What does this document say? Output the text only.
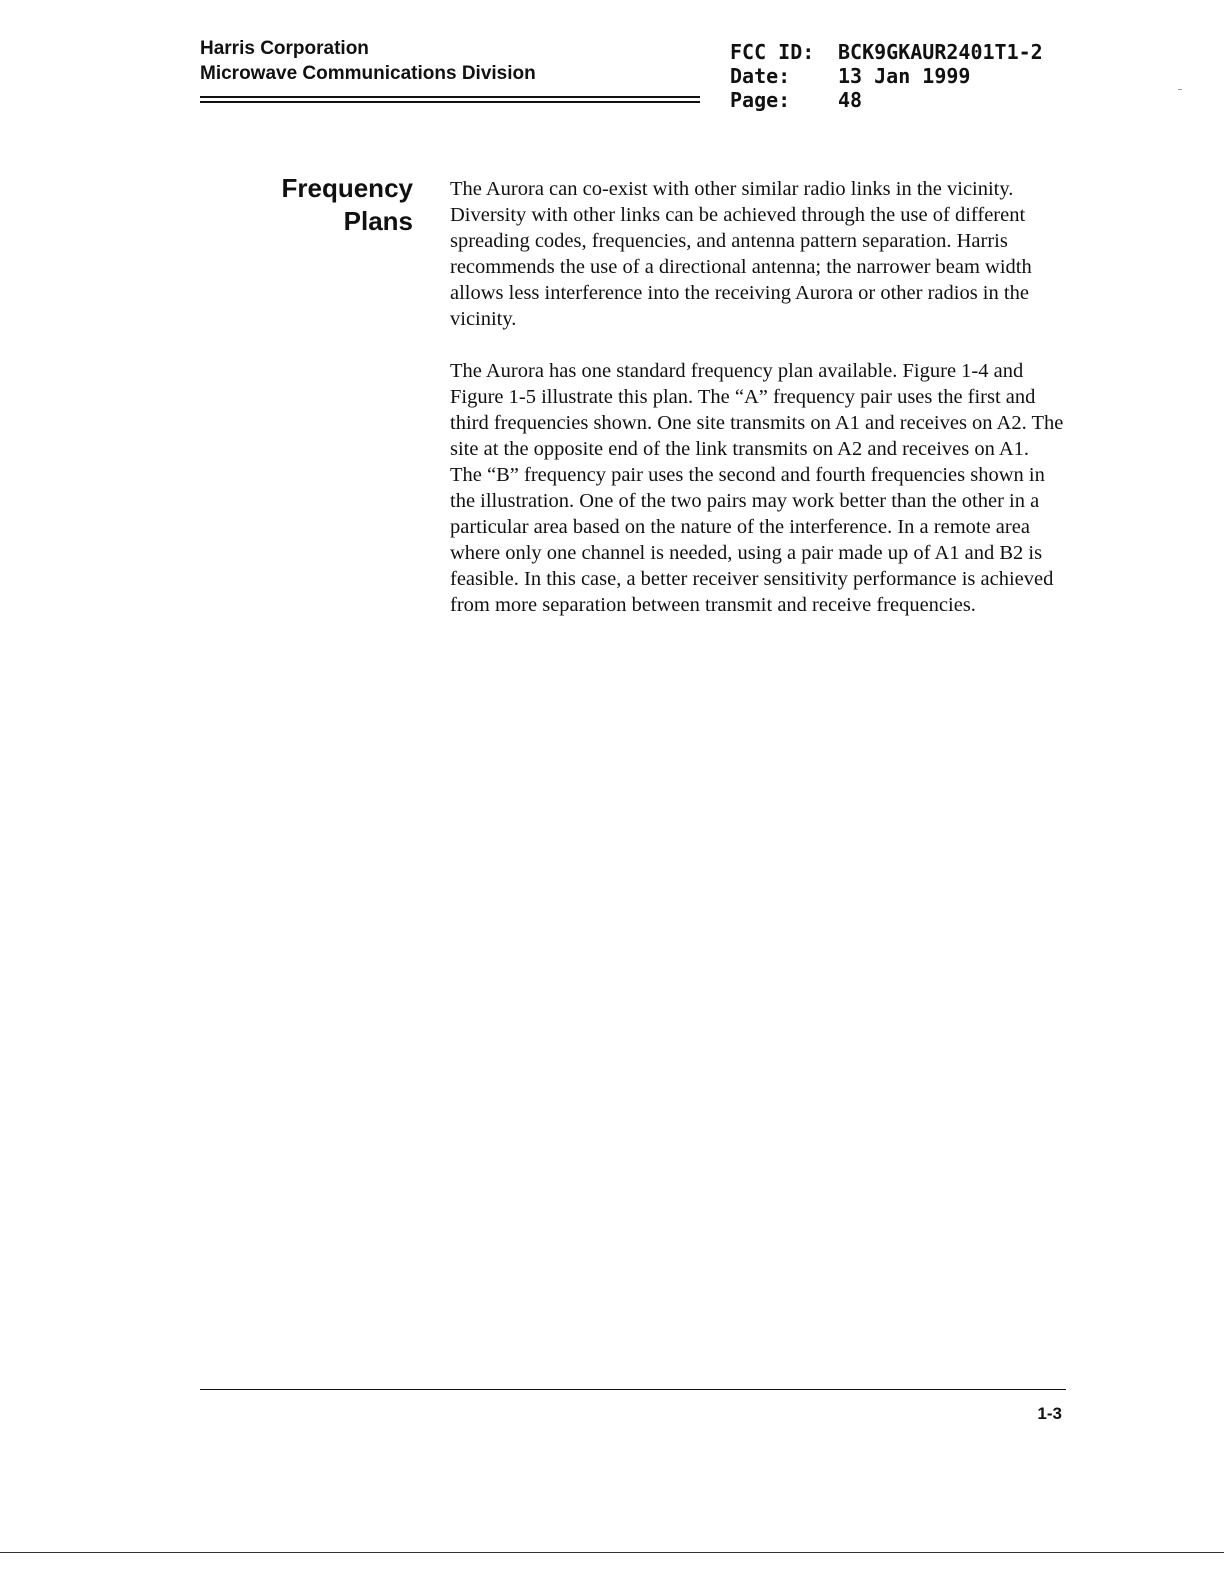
Harris Corporation
Microwave Communications Division
FCC ID:	BCK9GKAUR2401T1-2
Date:	13 Jan 1999
Page:	48
Frequency
Plans

The Aurora can co-exist with other similar radio links in the vicinity. Diversity with other links can be achieved through the use of different spreading codes, frequencies, and antenna pattern separation. Harris recommends the use of a directional antenna; the narrower beam width allows less interference into the receiving Aurora or other radios in the vicinity.

The Aurora has one standard frequency plan available. Figure 1-4 and Figure 1-5 illustrate this plan. The “A” frequency pair uses the first and third frequencies shown. One site transmits on A1 and receives on A2. The site at the opposite end of the link transmits on A2 and receives on A1. The “B” frequency pair uses the second and fourth frequencies shown in the illustration. One of the two pairs may work better than the other in a particular area based on the nature of the interference. In a remote area where only one channel is needed, using a pair made up of A1 and B2 is feasible. In this case, a better receiver sensitivity performance is achieved from more separation between transmit and receive frequencies.

1-3
